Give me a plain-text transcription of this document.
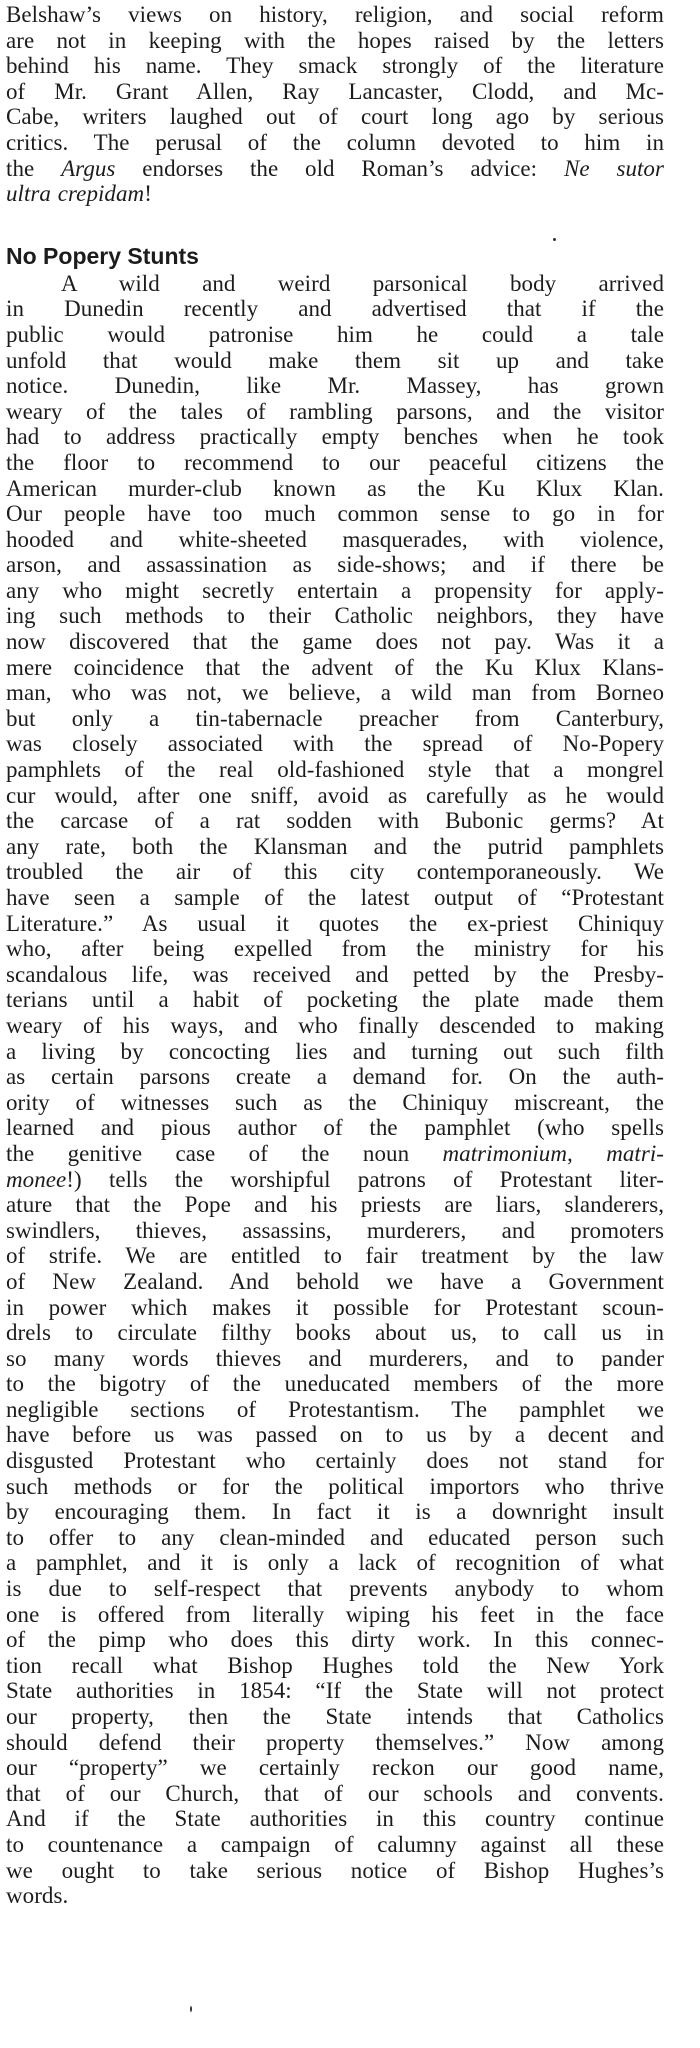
Belshaw’s views on history, religion, and social reform
are not in keeping with the hopes raised by the letters
behind his name. They smack strongly of the literature
of Mr. Grant Allen, Ray Lancaster, Clodd, and Mc-
Cabe, writers laughed out of court long ago by serious
critics. The perusal of the column devoted to him in
the Argus endorses the old Roman’s advice: Ne sutor
ultra crepidam!
No Popery Stunts
A wild and weird parsonical body arrived
in Dunedin recently and advertised that if the
public would patronise him he could a tale
unfold that would make them sit up and take
notice. Dunedin, like Mr. Massey, has grown
weary of the tales of rambling parsons, and the visitor
had to address practically empty benches when he took
the floor to recommend to our peaceful citizens the
American murder-club known as the Ku Klux Klan.
Our people have too much common sense to go in for
hooded and white-sheeted masquerades, with violence,
arson, and assassination as side-shows; and if there be
any who might secretly entertain a propensity for apply-
ing such methods to their Catholic neighbors, they have
now discovered that the game does not pay. Was it a
mere coincidence that the advent of the Ku Klux Klans-
man, who was not, we believe, a wild man from Borneo
but only a tin-tabernacle preacher from Canterbury,
was closely associated with the spread of No-Popery
pamphlets of the real old-fashioned style that a mongrel
cur would, after one sniff, avoid as carefully as he would
the carcase of a rat sodden with Bubonic germs? At
any rate, both the Klansman and the putrid pamphlets
troubled the air of this city contemporaneously. We
have seen a sample of the latest output of “Protestant
Literature.” As usual it quotes the ex-priest Chiniquy
who, after being expelled from the ministry for his
scandalous life, was received and petted by the Presby-
terians until a habit of pocketing the plate made them
weary of his ways, and who finally descended to making
a living by concocting lies and turning out such filth
as certain parsons create a demand for. On the auth-
ority of witnesses such as the Chiniquy miscreant, the
learned and pious author of the pamphlet (who spells
the genitive case of the noun matrimonium, matri-
monee!) tells the worshipful patrons of Protestant liter-
ature that the Pope and his priests are liars, slanderers,
swindlers, thieves, assassins, murderers, and promoters
of strife. We are entitled to fair treatment by the law
of New Zealand. And behold we have a Government
in power which makes it possible for Protestant scoun-
drels to circulate filthy books about us, to call us in
so many words thieves and murderers, and to pander
to the bigotry of the uneducated members of the more
negligible sections of Protestantism. The pamphlet we
have before us was passed on to us by a decent and
disgusted Protestant who certainly does not stand for
such methods or for the political importors who thrive
by encouraging them. In fact it is a downright insult
to offer to any clean-minded and educated person such
a pamphlet, and it is only a lack of recognition of what
is due to self-respect that prevents anybody to whom
one is offered from literally wiping his feet in the face
of the pimp who does this dirty work. In this connec-
tion recall what Bishop Hughes told the New York
State authorities in 1854: “If the State will not protect
our property, then the State intends that Catholics
should defend their property themselves.” Now among
our “property” we certainly reckon our good name,
that of our Church, that of our schools and convents.
And if the State authorities in this country continue
to countenance a campaign of calumny against all these
we ought to take serious notice of Bishop Hughes’s
words.
